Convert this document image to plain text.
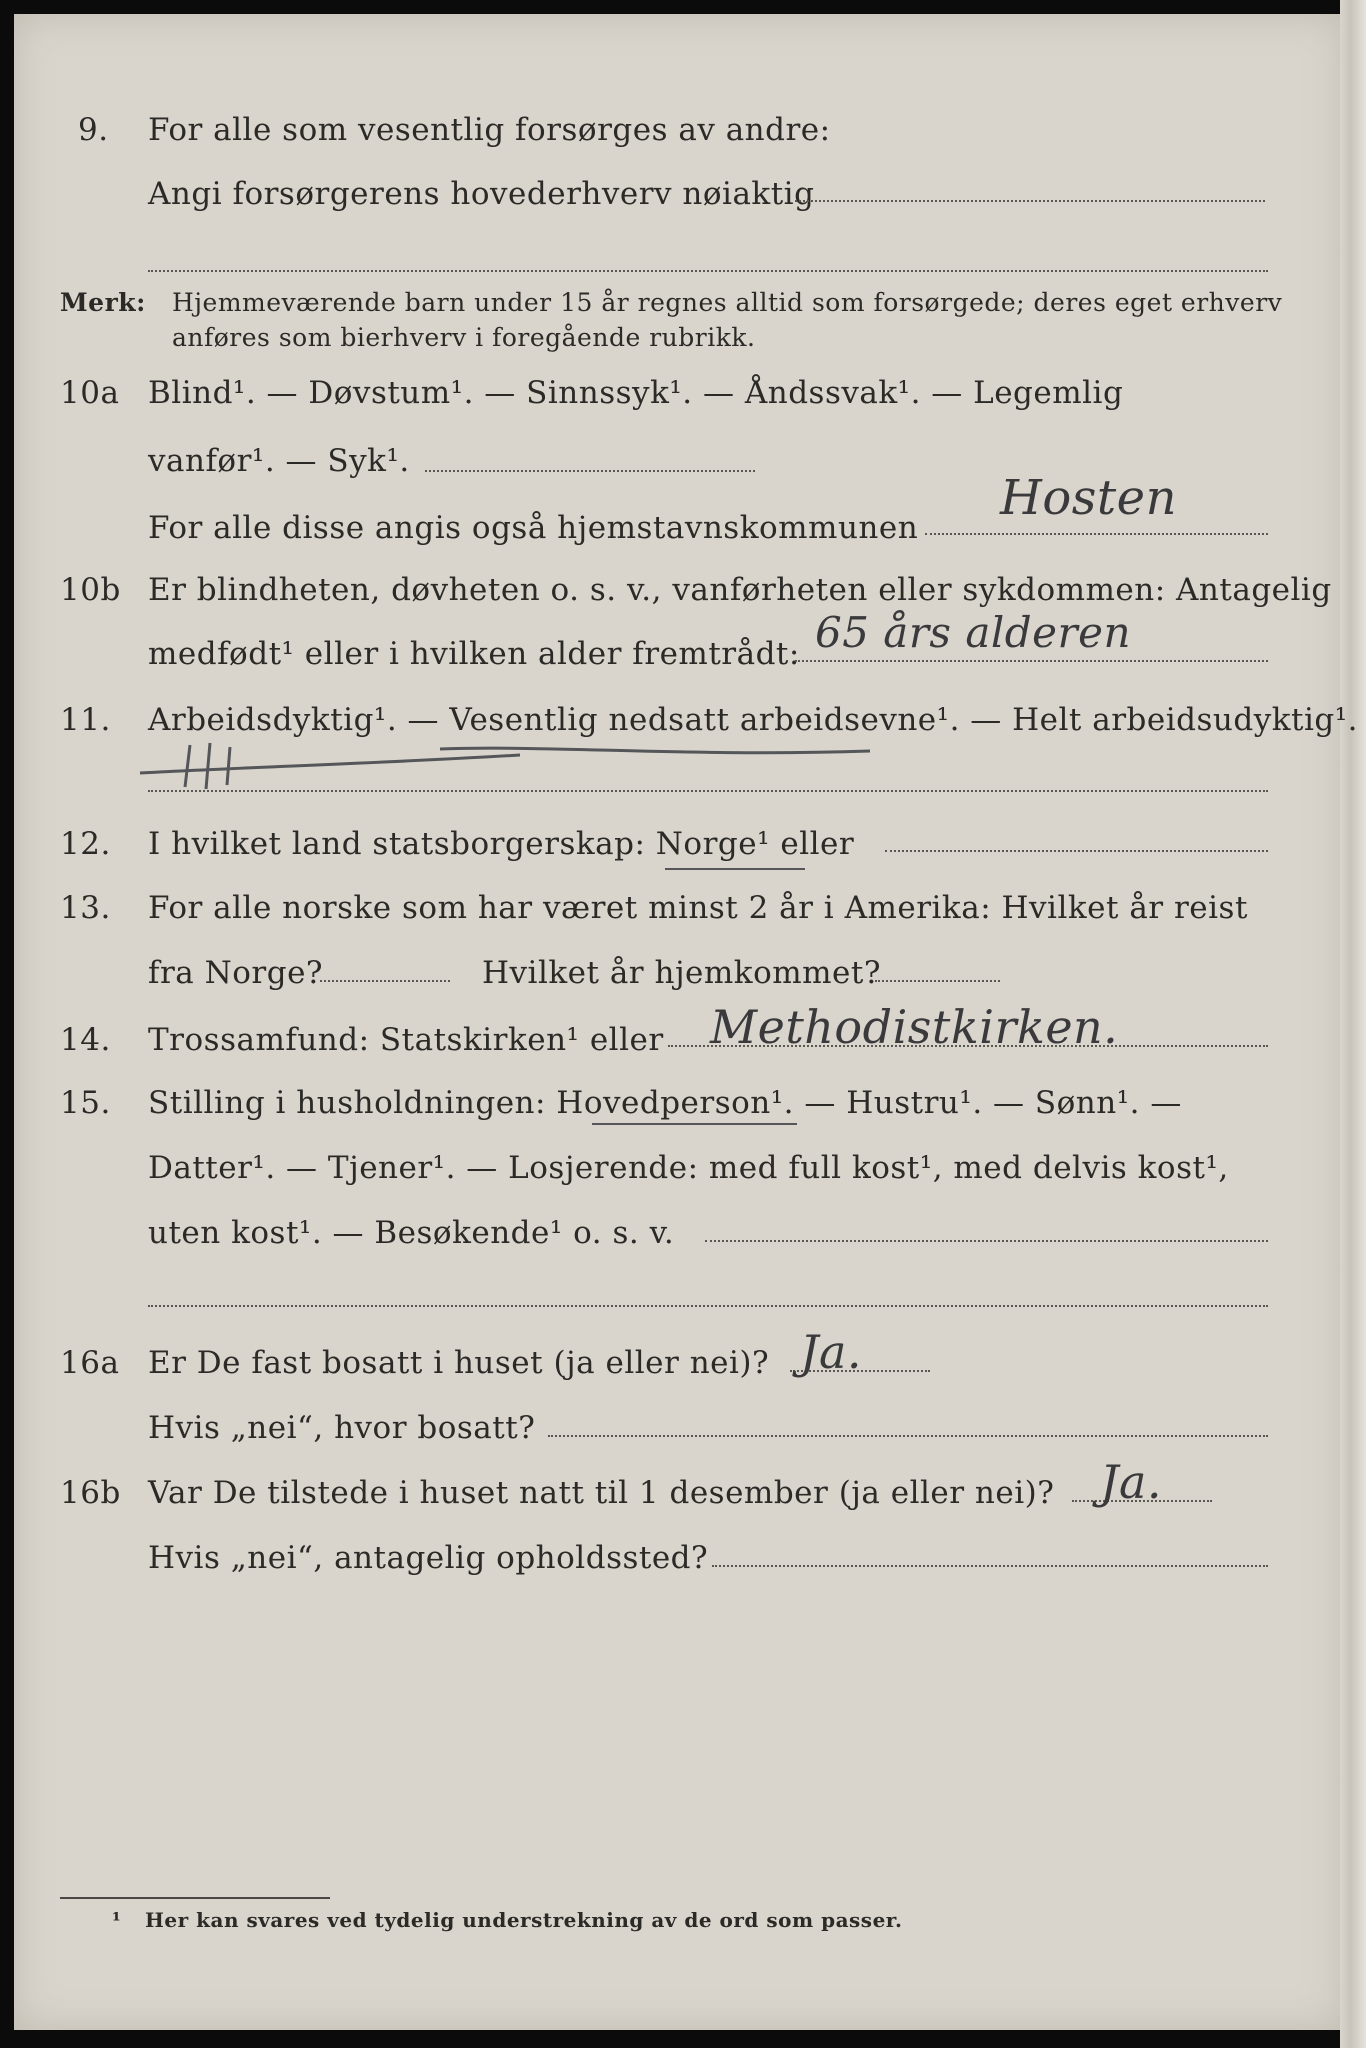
9. For alle som vesentlig forsørges av andre:
Angi forsørgerens hovederhverv nøiaktig
Merk: Hjemmeværende barn under 15 år regnes alltid som forsørgede; deres eget erhverv
anføres som bierhverv i foregående rubrikk.
10a Blind¹. — Døvstum¹. — Sinnssyk¹. — Åndssvak¹. — Legemlig
vanfør¹. — Syk¹.
For alle disse angis også hjemstavnskommunen
Hosten
10b Er blindheten, døvheten o. s. v., vanførheten eller sykdommen: Antagelig
medfødt¹ eller i hvilken alder fremtrådt: 65 års alderen
11. Arbeidsdyktig¹. — Vesentlig nedsatt arbeidsevne¹. — Helt arbeidsudyktig¹.
12. I hvilket land statsborgerskap: Norge¹ eller
13. For alle norske som har været minst 2 år i Amerika: Hvilket år reist
fra Norge?	Hvilket år hjemkommet?
14. Trossamfund: Statskirken¹ eller Methodistkirken.
15. Stilling i husholdningen: Hovedperson¹. — Hustru¹. — Sønn¹. —
Datter¹. — Tjener¹. — Losjerende: med full kost¹, med delvis kost¹,
uten kost¹. — Besøkende¹ o. s. v.
16a Er De fast bosatt i huset (ja eller nei)? Ja.
Hvis „nei“, hvor bosatt?
16b Var De tilstede i huset natt til 1 desember (ja eller nei)? Ja.
Hvis „nei“, antagelig opholdssted?
¹ Her kan svares ved tydelig understrekning av de ord som passer.
